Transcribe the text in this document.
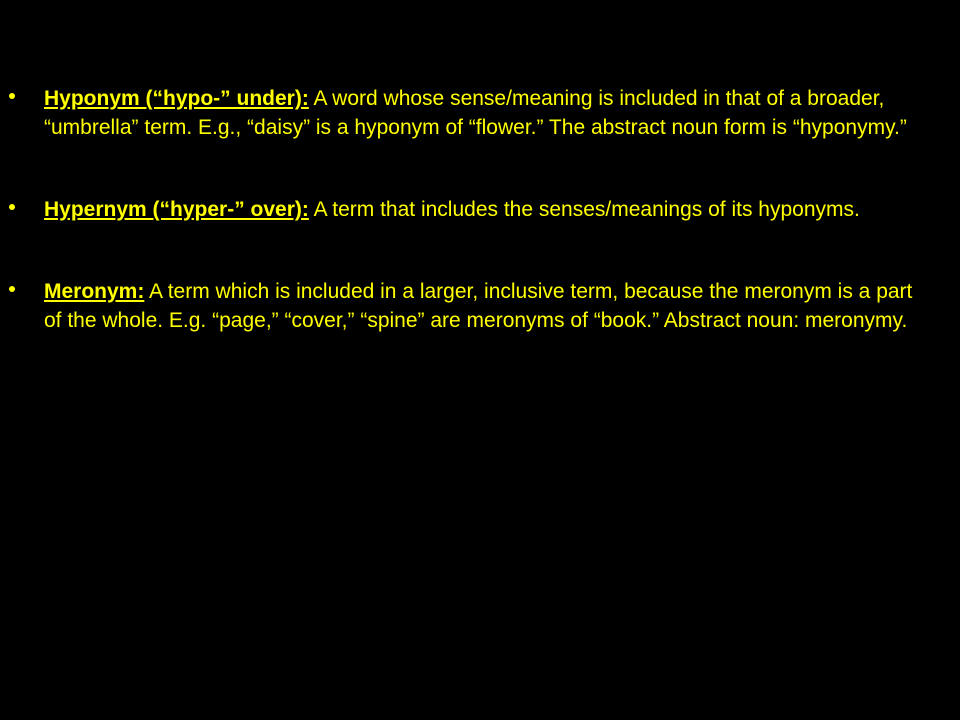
Hyponym (“hypo-” under): A word whose sense/meaning is included in that of a broader, “umbrella” term. E.g., “daisy” is a hyponym of “flower.” The abstract noun form is “hyponymy.”
Hypernym (“hyper-” over): A term that includes the senses/meanings of its hyponyms.
Meronym: A term which is included in a larger, inclusive term, because the meronym is a part of the whole. E.g. “page,” “cover,” “spine” are meronyms of “book.” Abstract noun: meronymy.
